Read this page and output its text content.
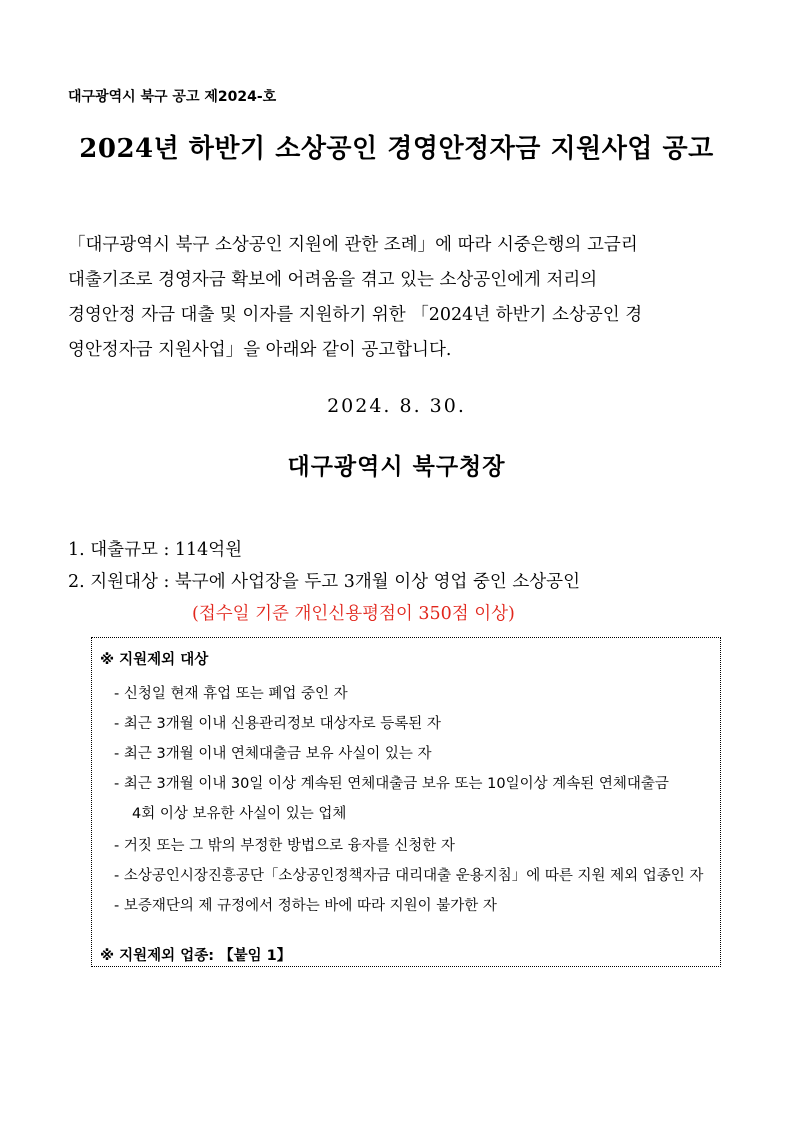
대구광역시 북구 공고 제2024-호
2024년 하반기 소상공인 경영안정자금 지원사업 공고

「대구광역시 북구 소상공인 지원에 관한 조례」에 따라 시중은행의 고금리

대출기조로 경영자금 확보에 어려움을 겪고 있는 소상공인에게 저리의

경영안정 자금 대출 및 이자를 지원하기 위한 「2024년 하반기 소상공인 경

영안정자금 지원사업」을 아래와 같이 공고합니다.

2024. 8. 30.
대구광역시 북구청장
1. 대출규모 : 114억원
2. 지원대상 : 북구에 사업장을 두고 3개월 이상 영업 중인 소상공인
(접수일 기준 개인신용평점이 350점 이상)
※ 지원제외 대상
- 신청일 현재 휴업 또는 폐업 중인 자
- 최근 3개월 이내 신용관리정보 대상자로 등록된 자
- 최근 3개월 이내 연체대출금 보유 사실이 있는 자
- 최근 3개월 이내 30일 이상 계속된 연체대출금 보유 또는 10일이상 계속된 연체대출금
4회 이상 보유한 사실이 있는 업체
- 거짓 또는 그 밖의 부정한 방법으로 융자를 신청한 자
- 소상공인시장진흥공단「소상공인정책자금 대리대출 운용지침」에 따른 지원 제외 업종인 자
- 보증재단의 제 규정에서 정하는 바에 따라 지원이 불가한 자
※ 지원제외 업종: 【붙임 1】
